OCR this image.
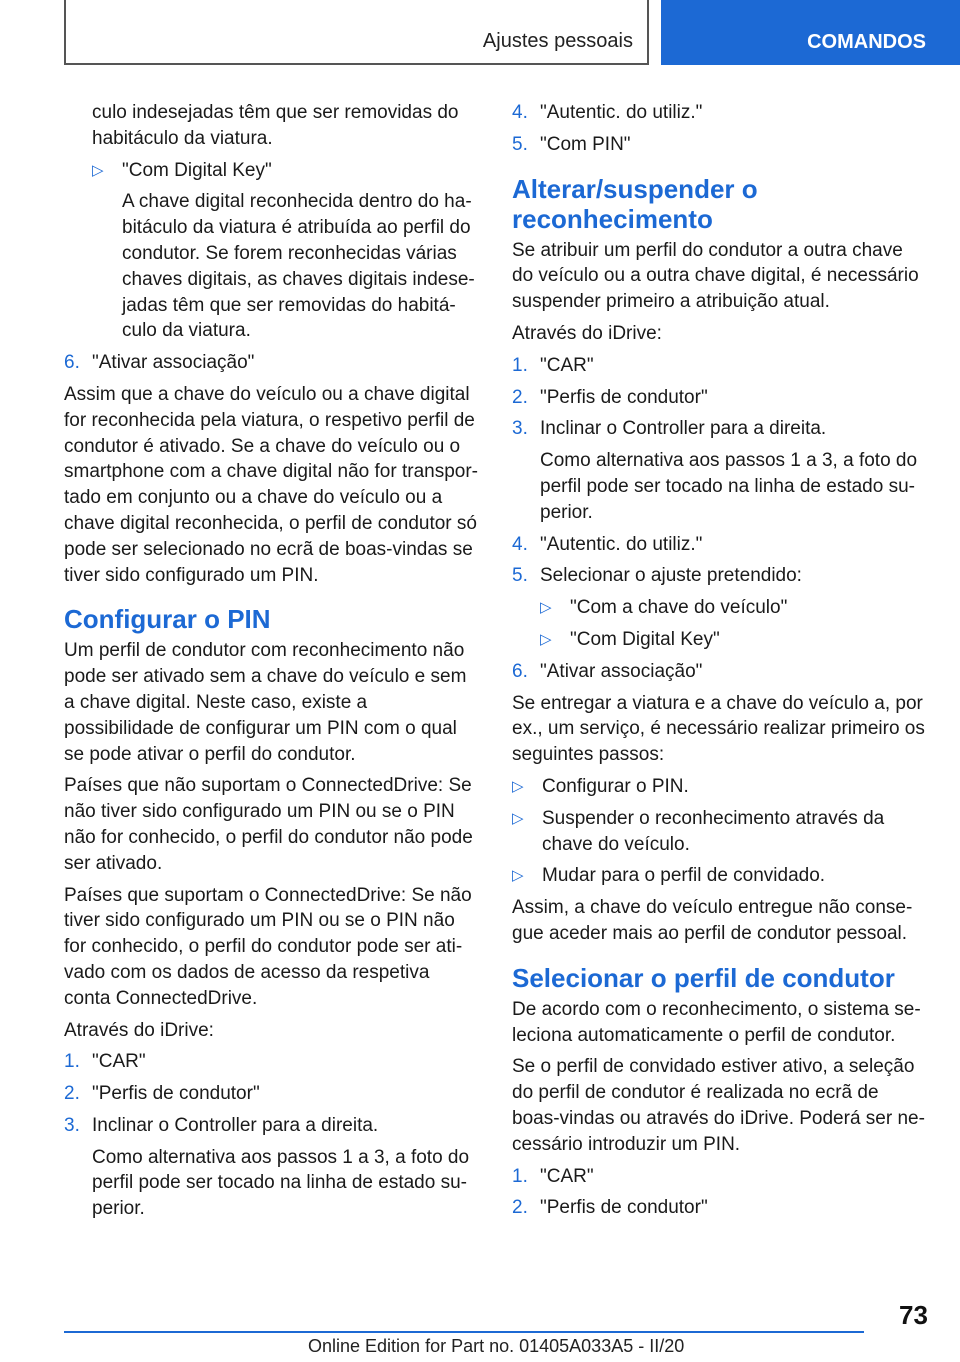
Ajustes pessoais	COMANDOS
culo indesejadas têm que ser removidas do habitáculo da viatura.
▷ "Com Digital Key"
A chave digital reconhecida dentro do habitáculo da viatura é atribuída ao perfil do condutor. Se forem reconhecidas várias chaves digitais, as chaves digitais indesejadas têm que ser removidas do habitáculo da viatura.
6. "Ativar associação"
Assim que a chave do veículo ou a chave digital for reconhecida pela viatura, o respetivo perfil de condutor é ativado. Se a chave do veículo ou o smartphone com a chave digital não for transportado em conjunto ou a chave do veículo ou a chave digital reconhecida, o perfil de condutor só pode ser selecionado no ecrã de boas-vindas se tiver sido configurado um PIN.
Configurar o PIN
Um perfil de condutor com reconhecimento não pode ser ativado sem a chave do veículo e sem a chave digital. Neste caso, existe a possibilidade de configurar um PIN com o qual se pode ativar o perfil do condutor.
Países que não suportam o ConnectedDrive: Se não tiver sido configurado um PIN ou se o PIN não for conhecido, o perfil do condutor não pode ser ativado.
Países que suportam o ConnectedDrive: Se não tiver sido configurado um PIN ou se o PIN não for conhecido, o perfil do condutor pode ser ativado com os dados de acesso da respetiva conta ConnectedDrive.
Através do iDrive:
1. "CAR"
2. "Perfis de condutor"
3. Inclinar o Controller para a direita.
Como alternativa aos passos 1 a 3, a foto do perfil pode ser tocado na linha de estado superior.
4. "Autentic. do utiliz."
5. "Com PIN"
Alterar/suspender o reconhecimento
Se atribuir um perfil do condutor a outra chave do veículo ou a outra chave digital, é necessário suspender primeiro a atribuição atual.
Através do iDrive:
1. "CAR"
2. "Perfis de condutor"
3. Inclinar o Controller para a direita.
Como alternativa aos passos 1 a 3, a foto do perfil pode ser tocado na linha de estado superior.
4. "Autentic. do utiliz."
5. Selecionar o ajuste pretendido:
▷ "Com a chave do veículo"
▷ "Com Digital Key"
6. "Ativar associação"
Se entregar a viatura e a chave do veículo a, por ex., um serviço, é necessário realizar primeiro os seguintes passos:
▷ Configurar o PIN.
▷ Suspender o reconhecimento através da chave do veículo.
▷ Mudar para o perfil de convidado.
Assim, a chave do veículo entregue não consegue aceder mais ao perfil de condutor pessoal.
Selecionar o perfil de condutor
De acordo com o reconhecimento, o sistema seleciona automaticamente o perfil de condutor.
Se o perfil de convidado estiver ativo, a seleção do perfil de condutor é realizada no ecrã de boas-vindas ou através do iDrive. Poderá ser necessário introduzir um PIN.
1. "CAR"
2. "Perfis de condutor"
73
Online Edition for Part no. 01405A033A5 - II/20
